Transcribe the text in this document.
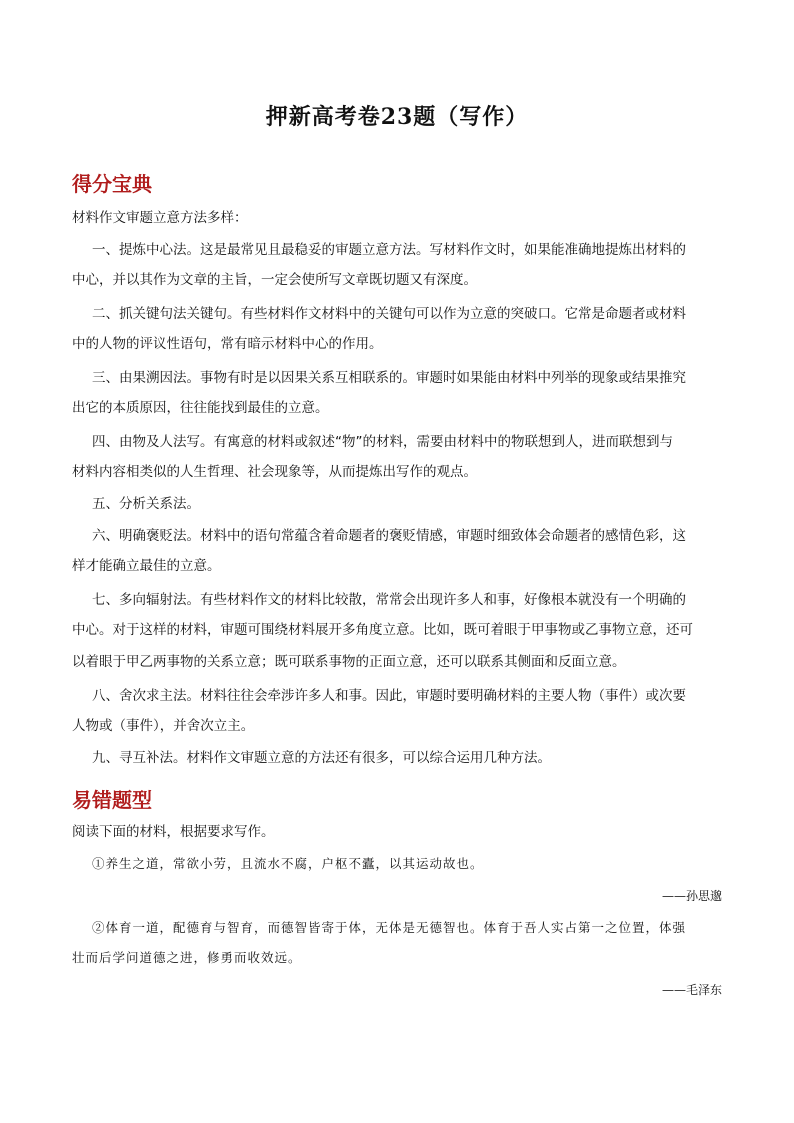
押新高考卷23题（写作）
得分宝典
材料作文审题立意方法多样：
一、提炼中心法。这是最常见且最稳妥的审题立意方法。写材料作文时，如果能准确地提炼出材料的
中心，并以其作为文章的主旨，一定会使所写文章既切题又有深度。
二、抓关键句法关键句。有些材料作文材料中的关键句可以作为立意的突破口。它常是命题者或材料
中的人物的评议性语句，常有暗示材料中心的作用。
三、由果溯因法。事物有时是以因果关系互相联系的。审题时如果能由材料中列举的现象或结果推究
出它的本质原因，往往能找到最佳的立意。
四、由物及人法写。有寓意的材料或叙述“物”的材料，需要由材料中的物联想到人，进而联想到与
材料内容相类似的人生哲理、社会现象等，从而提炼出写作的观点。
五、分析关系法。
六、明确褒贬法。材料中的语句常蕴含着命题者的褒贬情感，审题时细致体会命题者的感情色彩，这
样才能确立最佳的立意。
七、多向辐射法。有些材料作文的材料比较散，常常会出现许多人和事，好像根本就没有一个明确的
中心。对于这样的材料，审题可围绕材料展开多角度立意。比如，既可着眼于甲事物或乙事物立意，还可
以着眼于甲乙两事物的关系立意；既可联系事物的正面立意，还可以联系其侧面和反面立意。
八、舍次求主法。材料往往会牵涉许多人和事。因此，审题时要明确材料的主要人物（事件）或次要
人物或（事件），并舍次立主。
九、寻互补法。材料作文审题立意的方法还有很多，可以综合运用几种方法。
易错题型
阅读下面的材料，根据要求写作。
①养生之道，常欲小劳，且流水不腐，户枢不蠹，以其运动故也。
——孙思邈
②体育一道，配德育与智育，而德智皆寄于体，无体是无德智也。体育于吾人实占第一之位置，体强
壮而后学问道德之进，修勇而收效远。
——毛泽东
